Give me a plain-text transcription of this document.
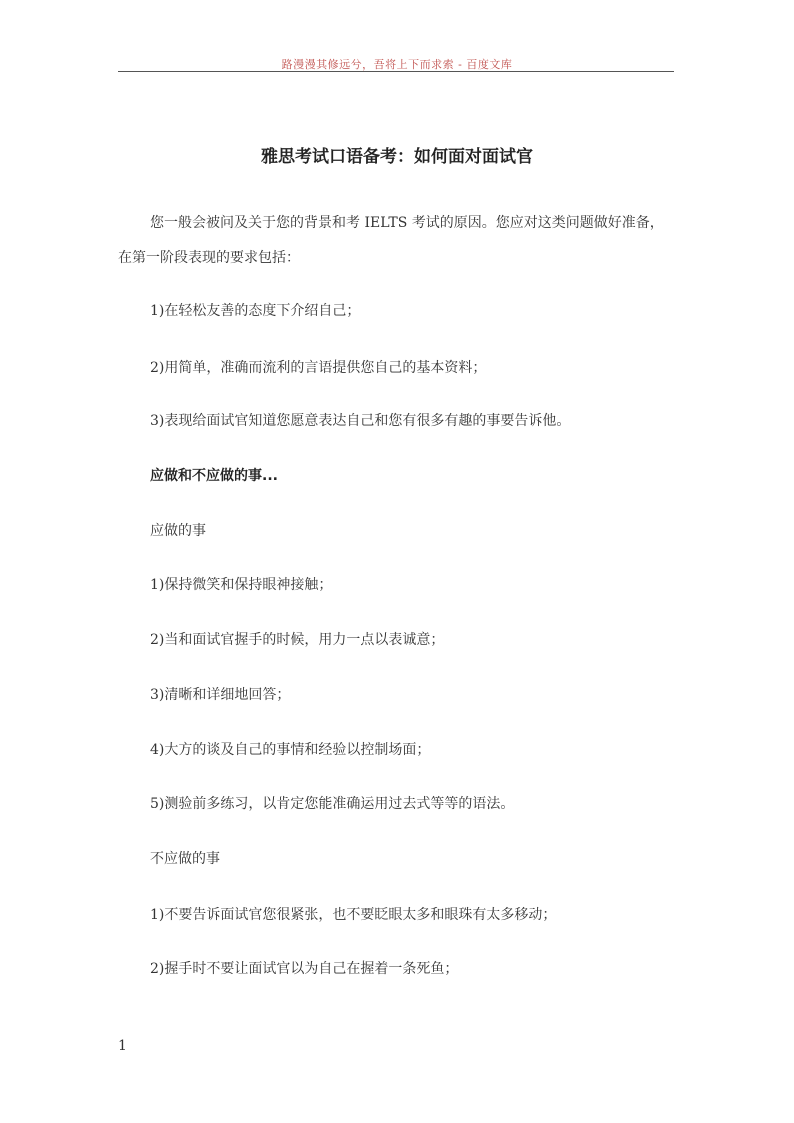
路漫漫其修远兮，吾将上下而求索 - 百度文库
雅思考试口语备考：如何面对面试官
您一般会被问及关于您的背景和考 IELTS 考试的原因。您应对这类问题做好准备，在第一阶段表现的要求包括：
1)在轻松友善的态度下介绍自己；
2)用简单，准确而流利的言语提供您自己的基本资料；
3)表现给面试官知道您愿意表达自己和您有很多有趣的事要告诉他。
应做和不应做的事...
应做的事
1)保持微笑和保持眼神接触；
2)当和面试官握手的时候，用力一点以表诚意；
3)清晰和详细地回答；
4)大方的谈及自己的事情和经验以控制场面；
5)测验前多练习，以肯定您能准确运用过去式等等的语法。
不应做的事
1)不要告诉面试官您很紧张，也不要眨眼太多和眼珠有太多移动；
2)握手时不要让面试官以为自己在握着一条死鱼；
1
